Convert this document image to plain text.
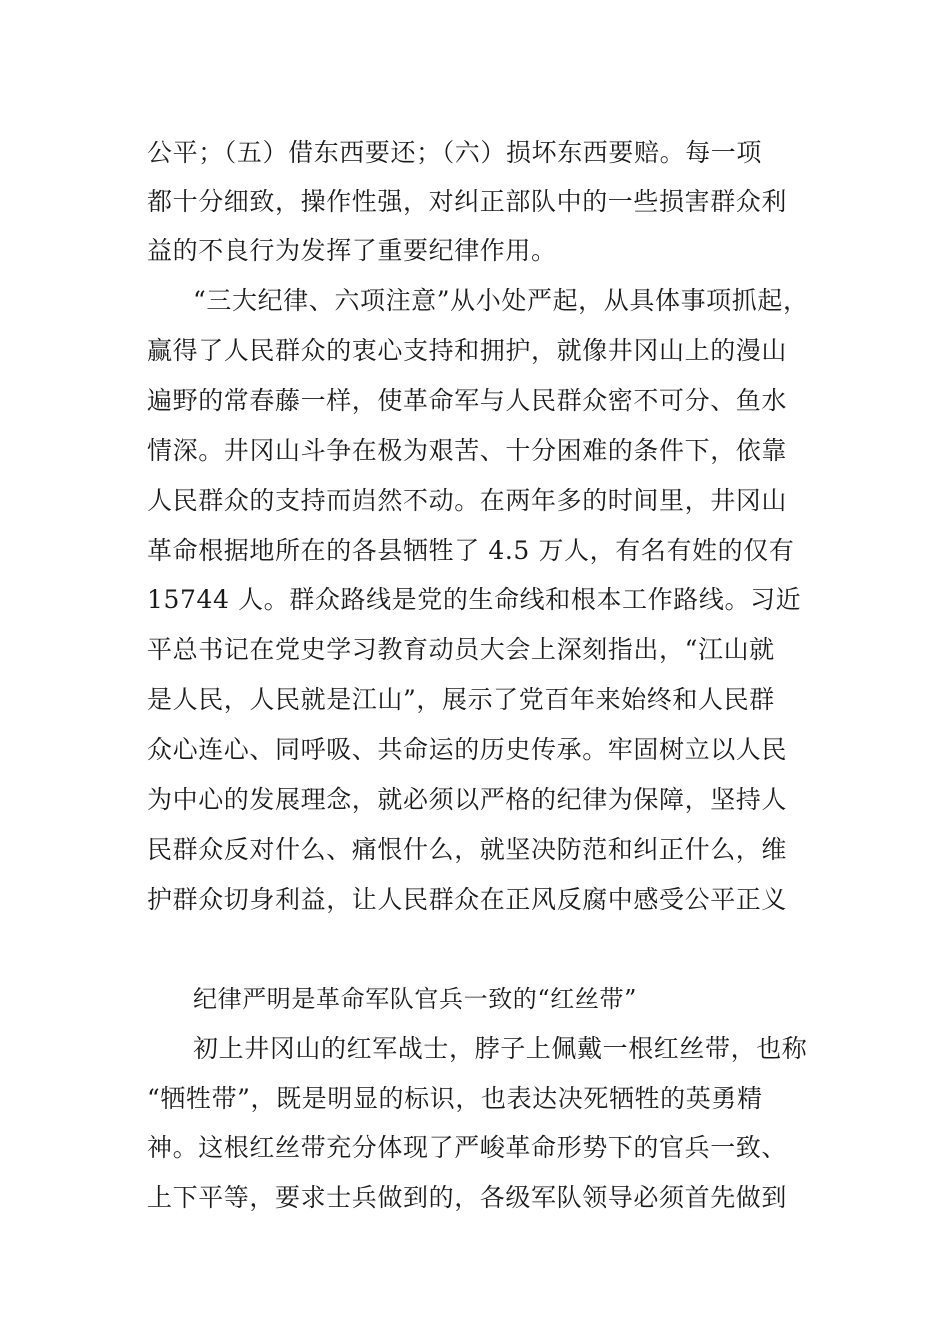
公平；（五）借东西要还；（六）损坏东西要赔。每一项
都十分细致，操作性强，对纠正部队中的一些损害群众利
益的不良行为发挥了重要纪律作用。
“三大纪律、六项注意”从小处严起，从具体事项抓起，
赢得了人民群众的衷心支持和拥护，就像井冈山上的漫山
遍野的常春藤一样，使革命军与人民群众密不可分、鱼水
情深。井冈山斗争在极为艰苦、十分困难的条件下，依靠
人民群众的支持而岿然不动。在两年多的时间里，井冈山
革命根据地所在的各县牺牲了 4.5 万人，有名有姓的仅有
15744 人。群众路线是党的生命线和根本工作路线。习近
平总书记在党史学习教育动员大会上深刻指出，“江山就
是人民，人民就是江山”，展示了党百年来始终和人民群
众心连心、同呼吸、共命运的历史传承。牢固树立以人民
为中心的发展理念，就必须以严格的纪律为保障，坚持人
民群众反对什么、痛恨什么，就坚决防范和纠正什么，维
护群众切身利益，让人民群众在正风反腐中感受公平正义
纪律严明是革命军队官兵一致的“红丝带”
初上井冈山的红军战士，脖子上佩戴一根红丝带，也称
“牺牲带”，既是明显的标识，也表达决死牺牲的英勇精
神。这根红丝带充分体现了严峻革命形势下的官兵一致、
上下平等，要求士兵做到的，各级军队领导必须首先做到
